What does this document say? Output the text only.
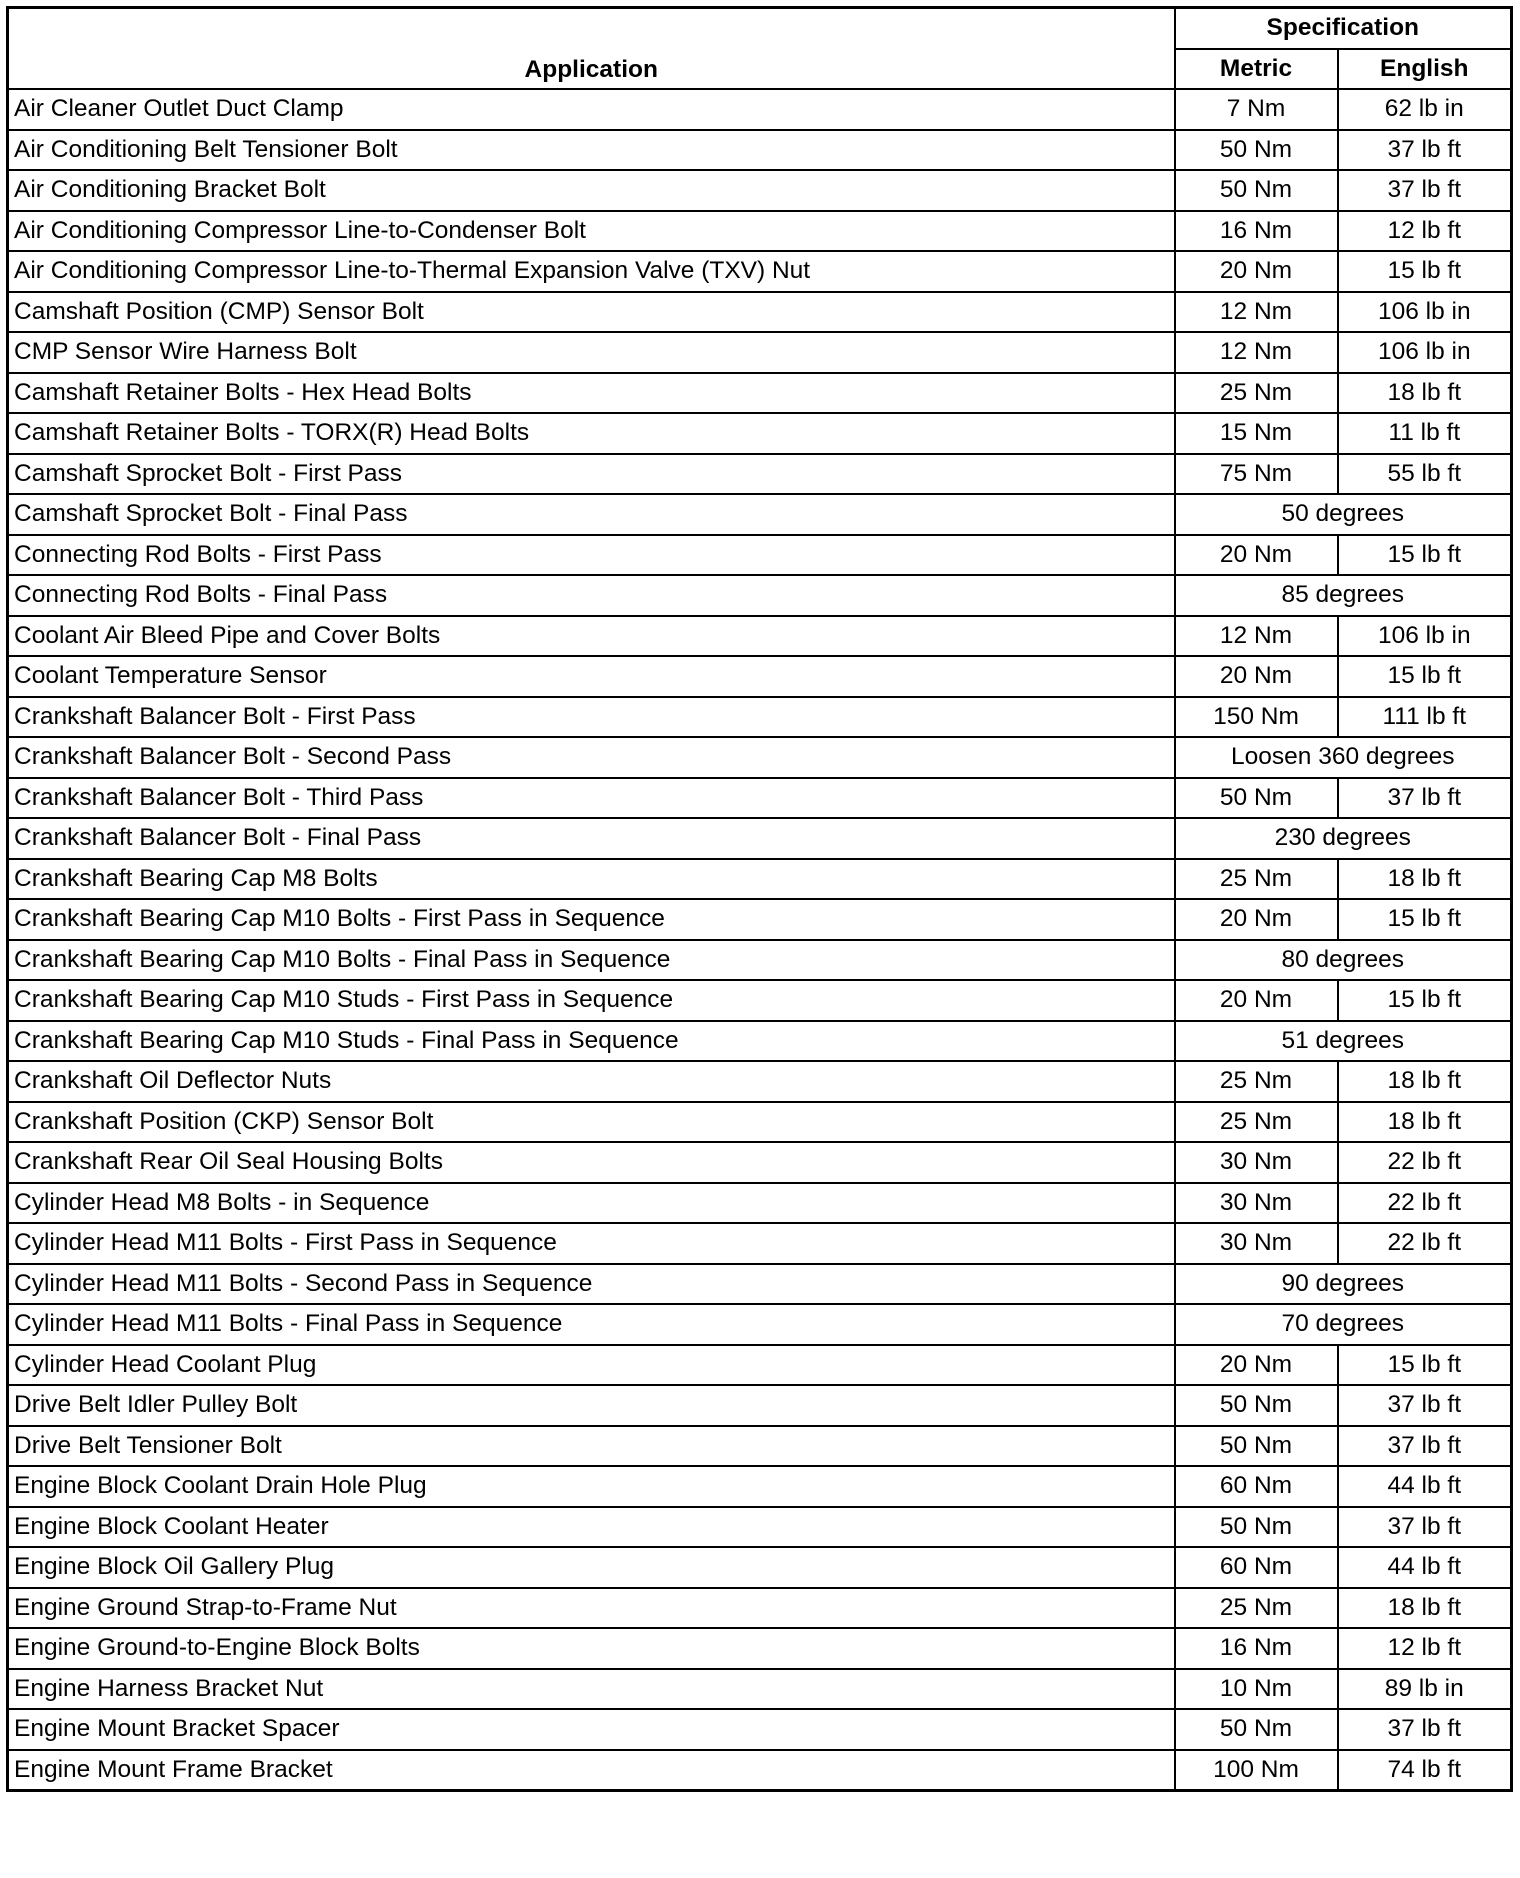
Application	Specification	
	Metric	English
Air Cleaner Outlet Duct Clamp	7 Nm	62 lb in
Air Conditioning Belt Tensioner Bolt	50 Nm	37 lb ft
Air Conditioning Bracket Bolt	50 Nm	37 lb ft
Air Conditioning Compressor Line-to-Condenser Bolt	16 Nm	12 lb ft
Air Conditioning Compressor Line-to-Thermal Expansion Valve (TXV) Nut	20 Nm	15 lb ft
Camshaft Position (CMP) Sensor Bolt	12 Nm	106 lb in
CMP Sensor Wire Harness Bolt	12 Nm	106 lb in
Camshaft Retainer Bolts - Hex Head Bolts	25 Nm	18 lb ft
Camshaft Retainer Bolts - TORX(R) Head Bolts	15 Nm	11 lb ft
Camshaft Sprocket Bolt - First Pass	75 Nm	55 lb ft
Camshaft Sprocket Bolt - Final Pass	50 degrees	
Connecting Rod Bolts - First Pass	20 Nm	15 lb ft
Connecting Rod Bolts - Final Pass	85 degrees	
Coolant Air Bleed Pipe and Cover Bolts	12 Nm	106 lb in
Coolant Temperature Sensor	20 Nm	15 lb ft
Crankshaft Balancer Bolt - First Pass	150 Nm	111 lb ft
Crankshaft Balancer Bolt - Second Pass	Loosen 360 degrees	
Crankshaft Balancer Bolt - Third Pass	50 Nm	37 lb ft
Crankshaft Balancer Bolt - Final Pass	230 degrees	
Crankshaft Bearing Cap M8 Bolts	25 Nm	18 lb ft
Crankshaft Bearing Cap M10 Bolts - First Pass in Sequence	20 Nm	15 lb ft
Crankshaft Bearing Cap M10 Bolts - Final Pass in Sequence	80 degrees	
Crankshaft Bearing Cap M10 Studs - First Pass in Sequence	20 Nm	15 lb ft
Crankshaft Bearing Cap M10 Studs - Final Pass in Sequence	51 degrees	
Crankshaft Oil Deflector Nuts	25 Nm	18 lb ft
Crankshaft Position (CKP) Sensor Bolt	25 Nm	18 lb ft
Crankshaft Rear Oil Seal Housing Bolts	30 Nm	22 lb ft
Cylinder Head M8 Bolts - in Sequence	30 Nm	22 lb ft
Cylinder Head M11 Bolts - First Pass in Sequence	30 Nm	22 lb ft
Cylinder Head M11 Bolts - Second Pass in Sequence	90 degrees	
Cylinder Head M11 Bolts - Final Pass in Sequence	70 degrees	
Cylinder Head Coolant Plug	20 Nm	15 lb ft
Drive Belt Idler Pulley Bolt	50 Nm	37 lb ft
Drive Belt Tensioner Bolt	50 Nm	37 lb ft
Engine Block Coolant Drain Hole Plug	60 Nm	44 lb ft
Engine Block Coolant Heater	50 Nm	37 lb ft
Engine Block Oil Gallery Plug	60 Nm	44 lb ft
Engine Ground Strap-to-Frame Nut	25 Nm	18 lb ft
Engine Ground-to-Engine Block Bolts	16 Nm	12 lb ft
Engine Harness Bracket Nut	10 Nm	89 lb in
Engine Mount Bracket Spacer	50 Nm	37 lb ft
Engine Mount Frame Bracket	100 Nm	74 lb ft
